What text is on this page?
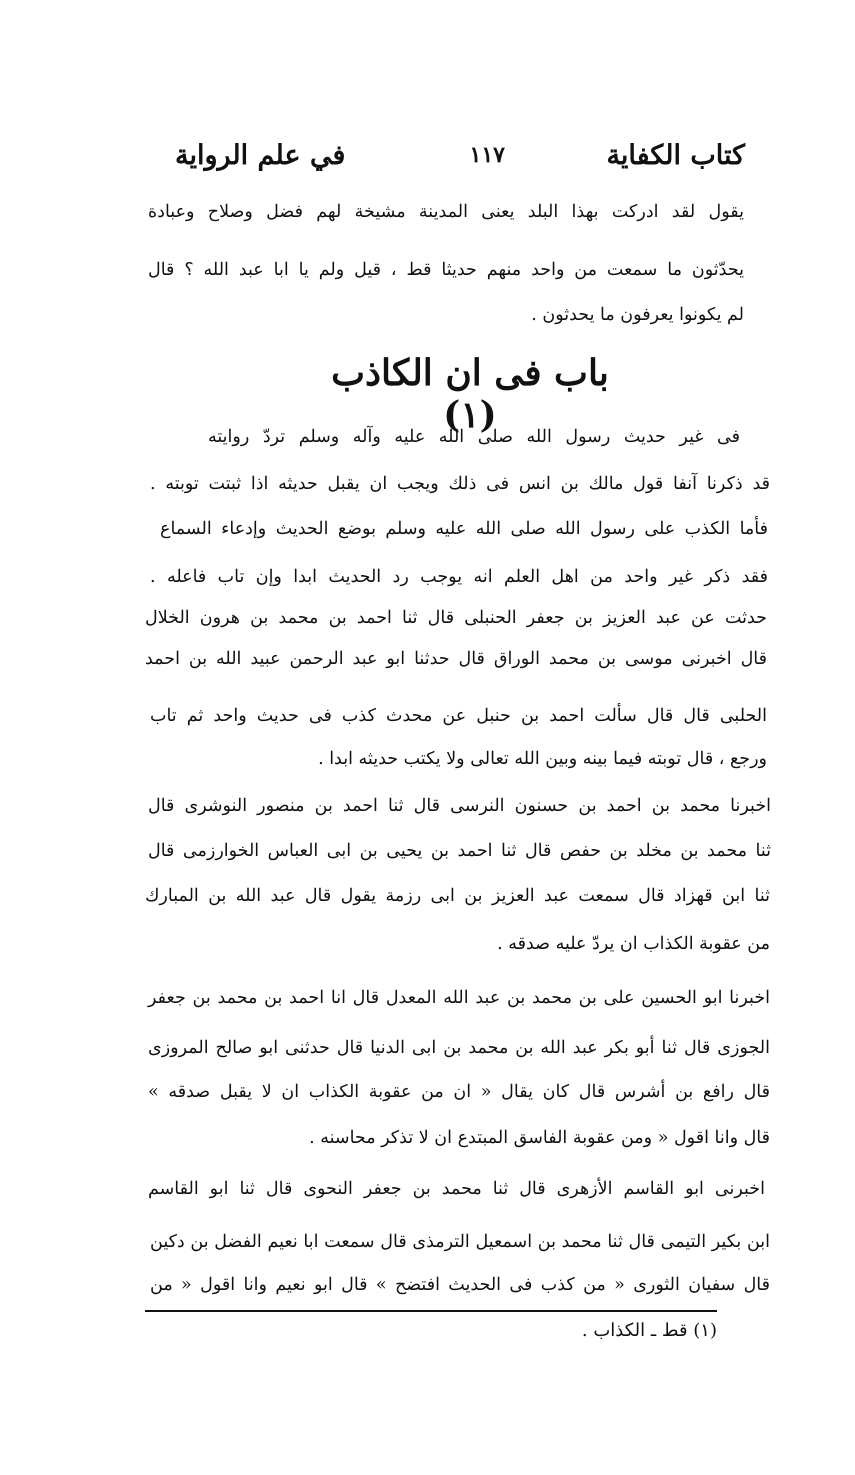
كتاب الكفاية
١١٧
في علم الرواية
يقول لقد ادركت بهذا البلد يعنى المدينة مشيخة لهم فضل وصلاح وعبادة
يحدّثون ما سمعت من واحد منهم حديثا قط ، قيل ولم يا ابا عبد الله ؟ قال
لم يكونوا يعرفون ما يحدثون .
باب فى ان الكاذب (١)
فى غير حديث رسول الله صلى الله عليه وآله وسلم تردّ روايته
قد ذكرنا آنفا قول مالك بن انس فى ذلك ويجب ان يقبل حديثه اذا ثبتت توبته .
فأما الكذب على رسول الله صلى الله عليه وسلم بوضع الحديث وإدعاء السماع
فقد ذكر غير واحد من اهل العلم انه يوجب رد الحديث ابدا وإن تاب فاعله .
حدثت عن عبد العزيز بن جعفر الحنبلى قال ثنا احمد بن محمد بن هرون الخلال
قال اخبرنى موسى بن محمد الوراق قال حدثنا ابو عبد الرحمن عبيد الله بن احمد
الحلبى قال قال سألت احمد بن حنبل عن محدث كذب فى حديث واحد ثم تاب
ورجع ، قال توبته فيما بينه وبين الله تعالى ولا يكتب حديثه ابدا .
اخبرنا محمد بن احمد بن حسنون النرسى قال ثنا احمد بن منصور النوشرى قال
ثنا محمد بن مخلد بن حفص قال ثنا احمد بن يحيى بن ابى العباس الخوارزمى قال
ثنا ابن قهزاد قال سمعت عبد العزيز بن ابى رزمة يقول قال عبد الله بن المبارك
من عقوبة الكذاب ان يردّ عليه صدقه .
اخبرنا ابو الحسين على بن محمد بن عبد الله المعدل قال انا احمد بن محمد بن جعفر
الجوزى قال ثنا أبو بكر عبد الله بن محمد بن ابى الدنيا قال حدثنى ابو صالح المروزى
قال رافع بن أشرس قال كان يقال « ان من عقوبة الكذاب ان لا يقبل صدقه »
قال وانا اقول « ومن عقوبة الفاسق المبتدع ان لا تذكر محاسنه .
اخبرنى ابو القاسم الأزهرى قال ثنا محمد بن جعفر النحوى قال ثنا ابو القاسم
ابن بكير التيمى قال ثنا محمد بن اسمعيل الترمذى قال سمعت ابا نعيم الفضل بن دكين
قال سفيان الثورى « من كذب فى الحديث افتضح » قال ابو نعيم وانا اقول « من
(١) قط ـ الكذاب .
